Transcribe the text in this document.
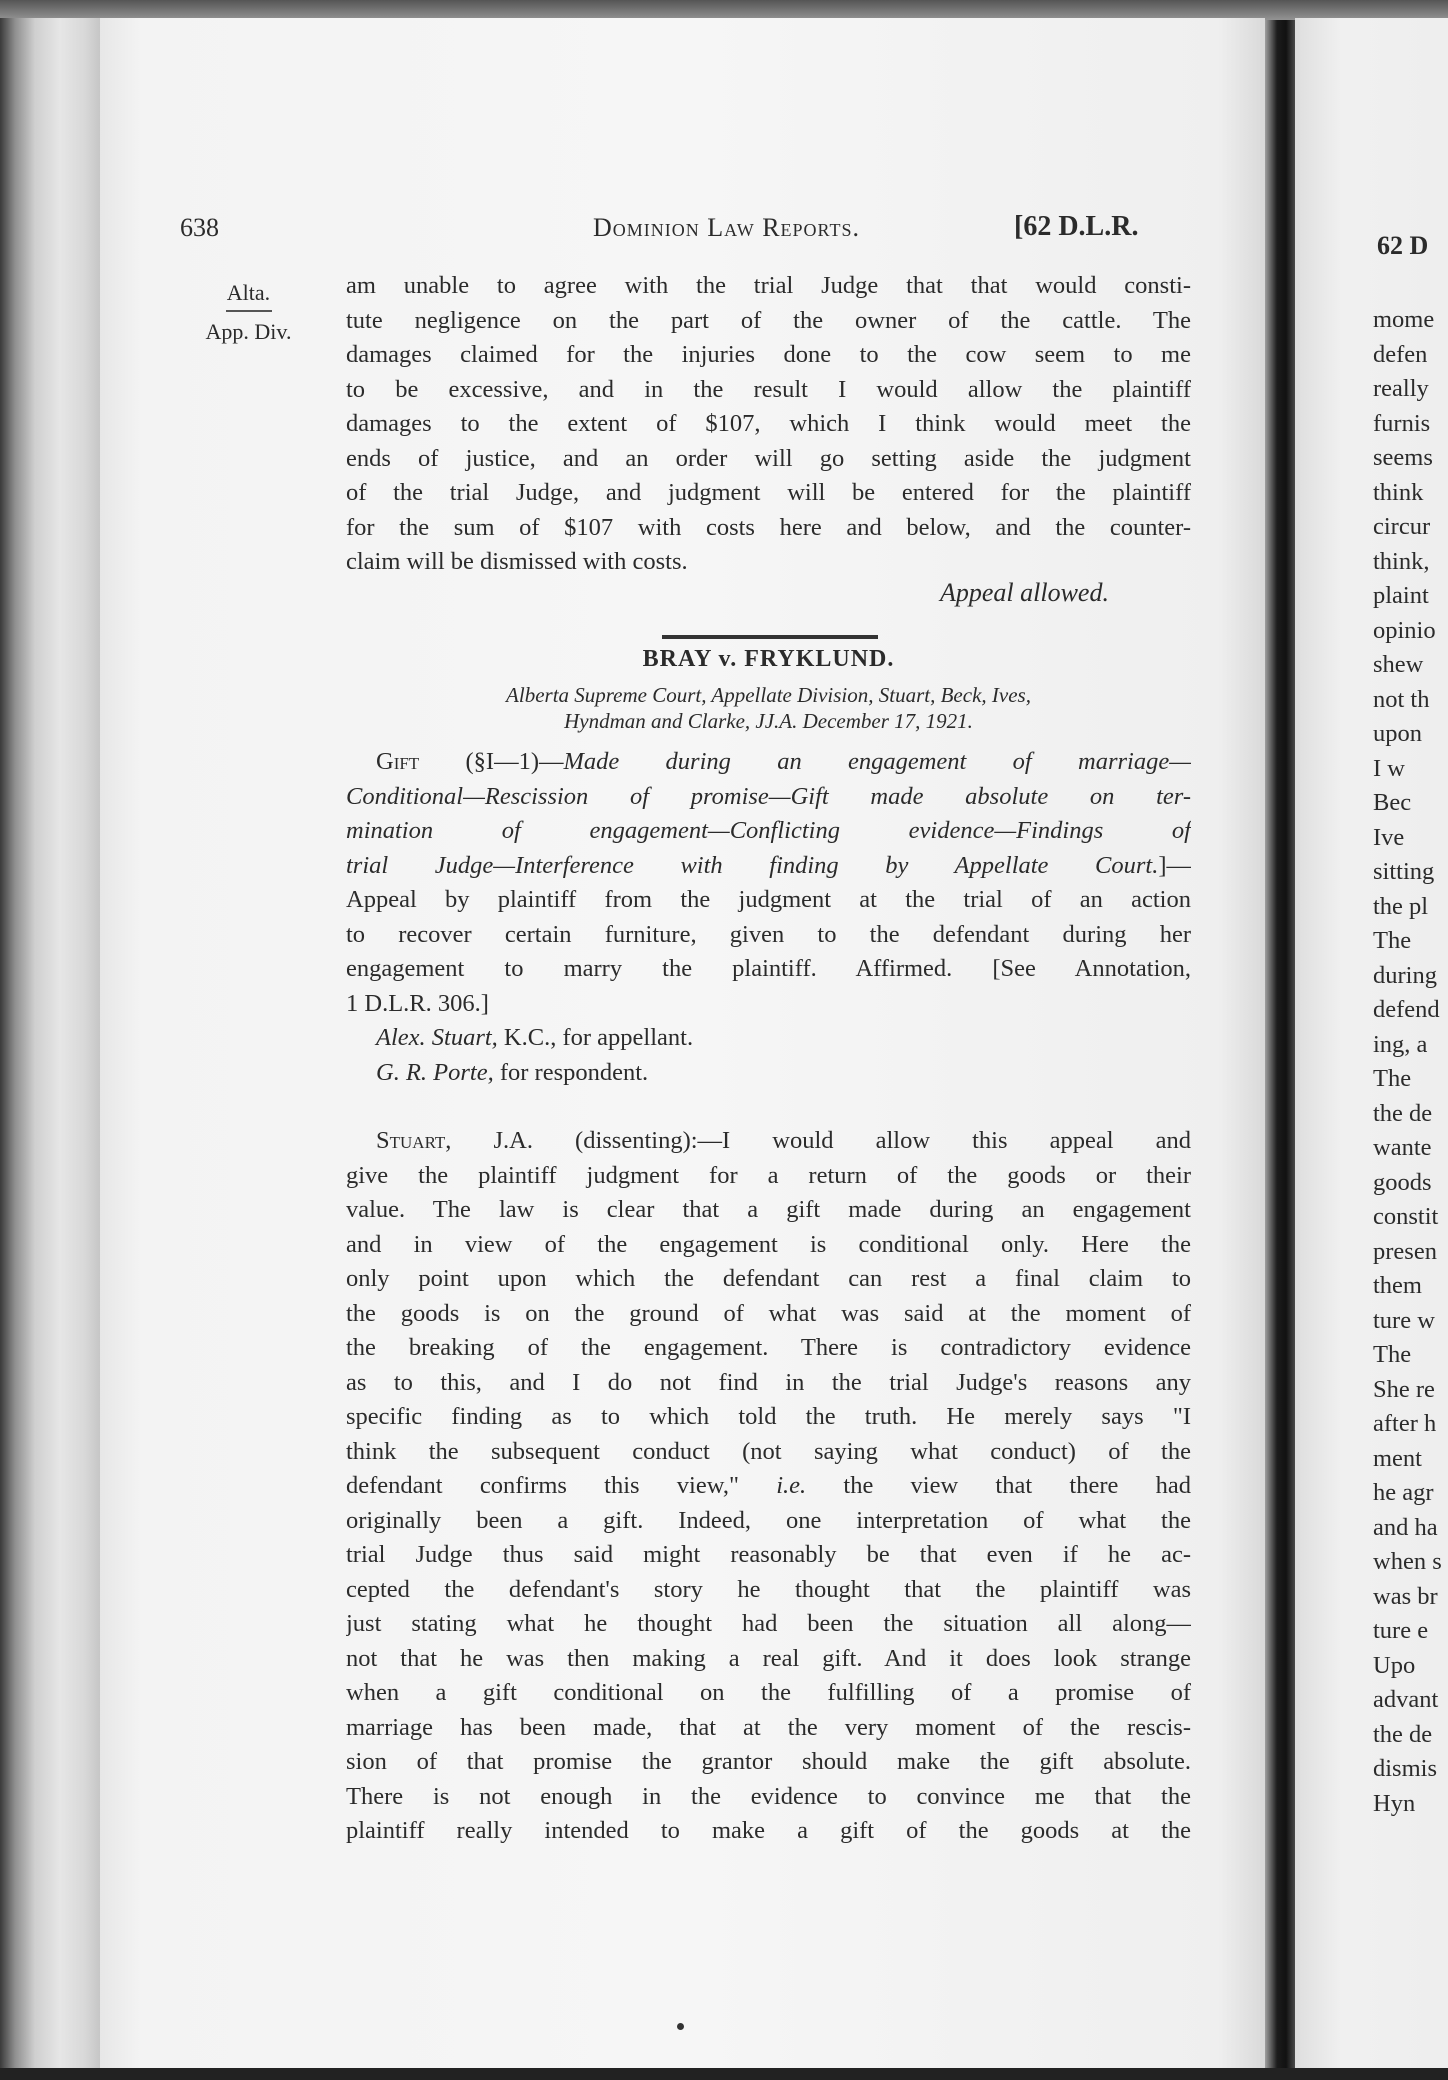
638	Dominion Law Reports.	[62 D.L.R.
Alta.
App. Div.
am unable to agree with the trial Judge that that would consti-
tute negligence on the part of the owner of the cattle. The
damages claimed for the injuries done to the cow seem to me
to be excessive, and in the result I would allow the plaintiff
damages to the extent of $107, which I think would meet the
ends of justice, and an order will go setting aside the judgment
of the trial Judge, and judgment will be entered for the plaintiff
for the sum of $107 with costs here and below, and the counter-
claim will be dismissed with costs.
Appeal allowed.
BRAY v. FRYKLUND.
Alberta Supreme Court, Appellate Division, Stuart, Beck, Ives,
Hyndman and Clarke, JJ.A. December 17, 1921.
Gift (§I—1)—Made during an engagement of marriage—
Conditional—Rescission of promise—Gift made absolute on ter-
mination of engagement—Conflicting evidence—Findings of
trial Judge—Interference with finding by Appellate Court.]—
Appeal by plaintiff from the judgment at the trial of an action
to recover certain furniture, given to the defendant during her
engagement to marry the plaintiff. Affirmed. [See Annotation,
1 D.L.R. 306.]
Alex. Stuart, K.C., for appellant.
G. R. Porte, for respondent.
Stuart, J.A. (dissenting):—I would allow this appeal and
give the plaintiff judgment for a return of the goods or their
value. The law is clear that a gift made during an engagement
and in view of the engagement is conditional only. Here the
only point upon which the defendant can rest a final claim to
the goods is on the ground of what was said at the moment of
the breaking of the engagement. There is contradictory evidence
as to this, and I do not find in the trial Judge's reasons any
specific finding as to which told the truth. He merely says "I
think the subsequent conduct (not saying what conduct) of the
defendant confirms this view," i.e. the view that there had
originally been a gift. Indeed, one interpretation of what the
trial Judge thus said might reasonably be that even if he ac-
cepted the defendant's story he thought that the plaintiff was
just stating what he thought had been the situation all along—
not that he was then making a real gift. And it does look strange
when a gift conditional on the fulfilling of a promise of
marriage has been made, that at the very moment of the rescis-
sion of that promise the grantor should make the gift absolute.
There is not enough in the evidence to convince me that the
plaintiff really intended to make a gift of the goods at the
62 D
mome
defen
really
furnis
seems
think
circur
think,
plaint
opinio
shew
not th
upon
I w
Bec
Ive
sitting
the pl
The
during
defend
ing, a
The
the de
wante
goods
constit
presen
them
ture w
The
She re
after h
ment
he agr
and ha
when s
was br
ture e
Upo
advant
the de
dismis
Hyn
